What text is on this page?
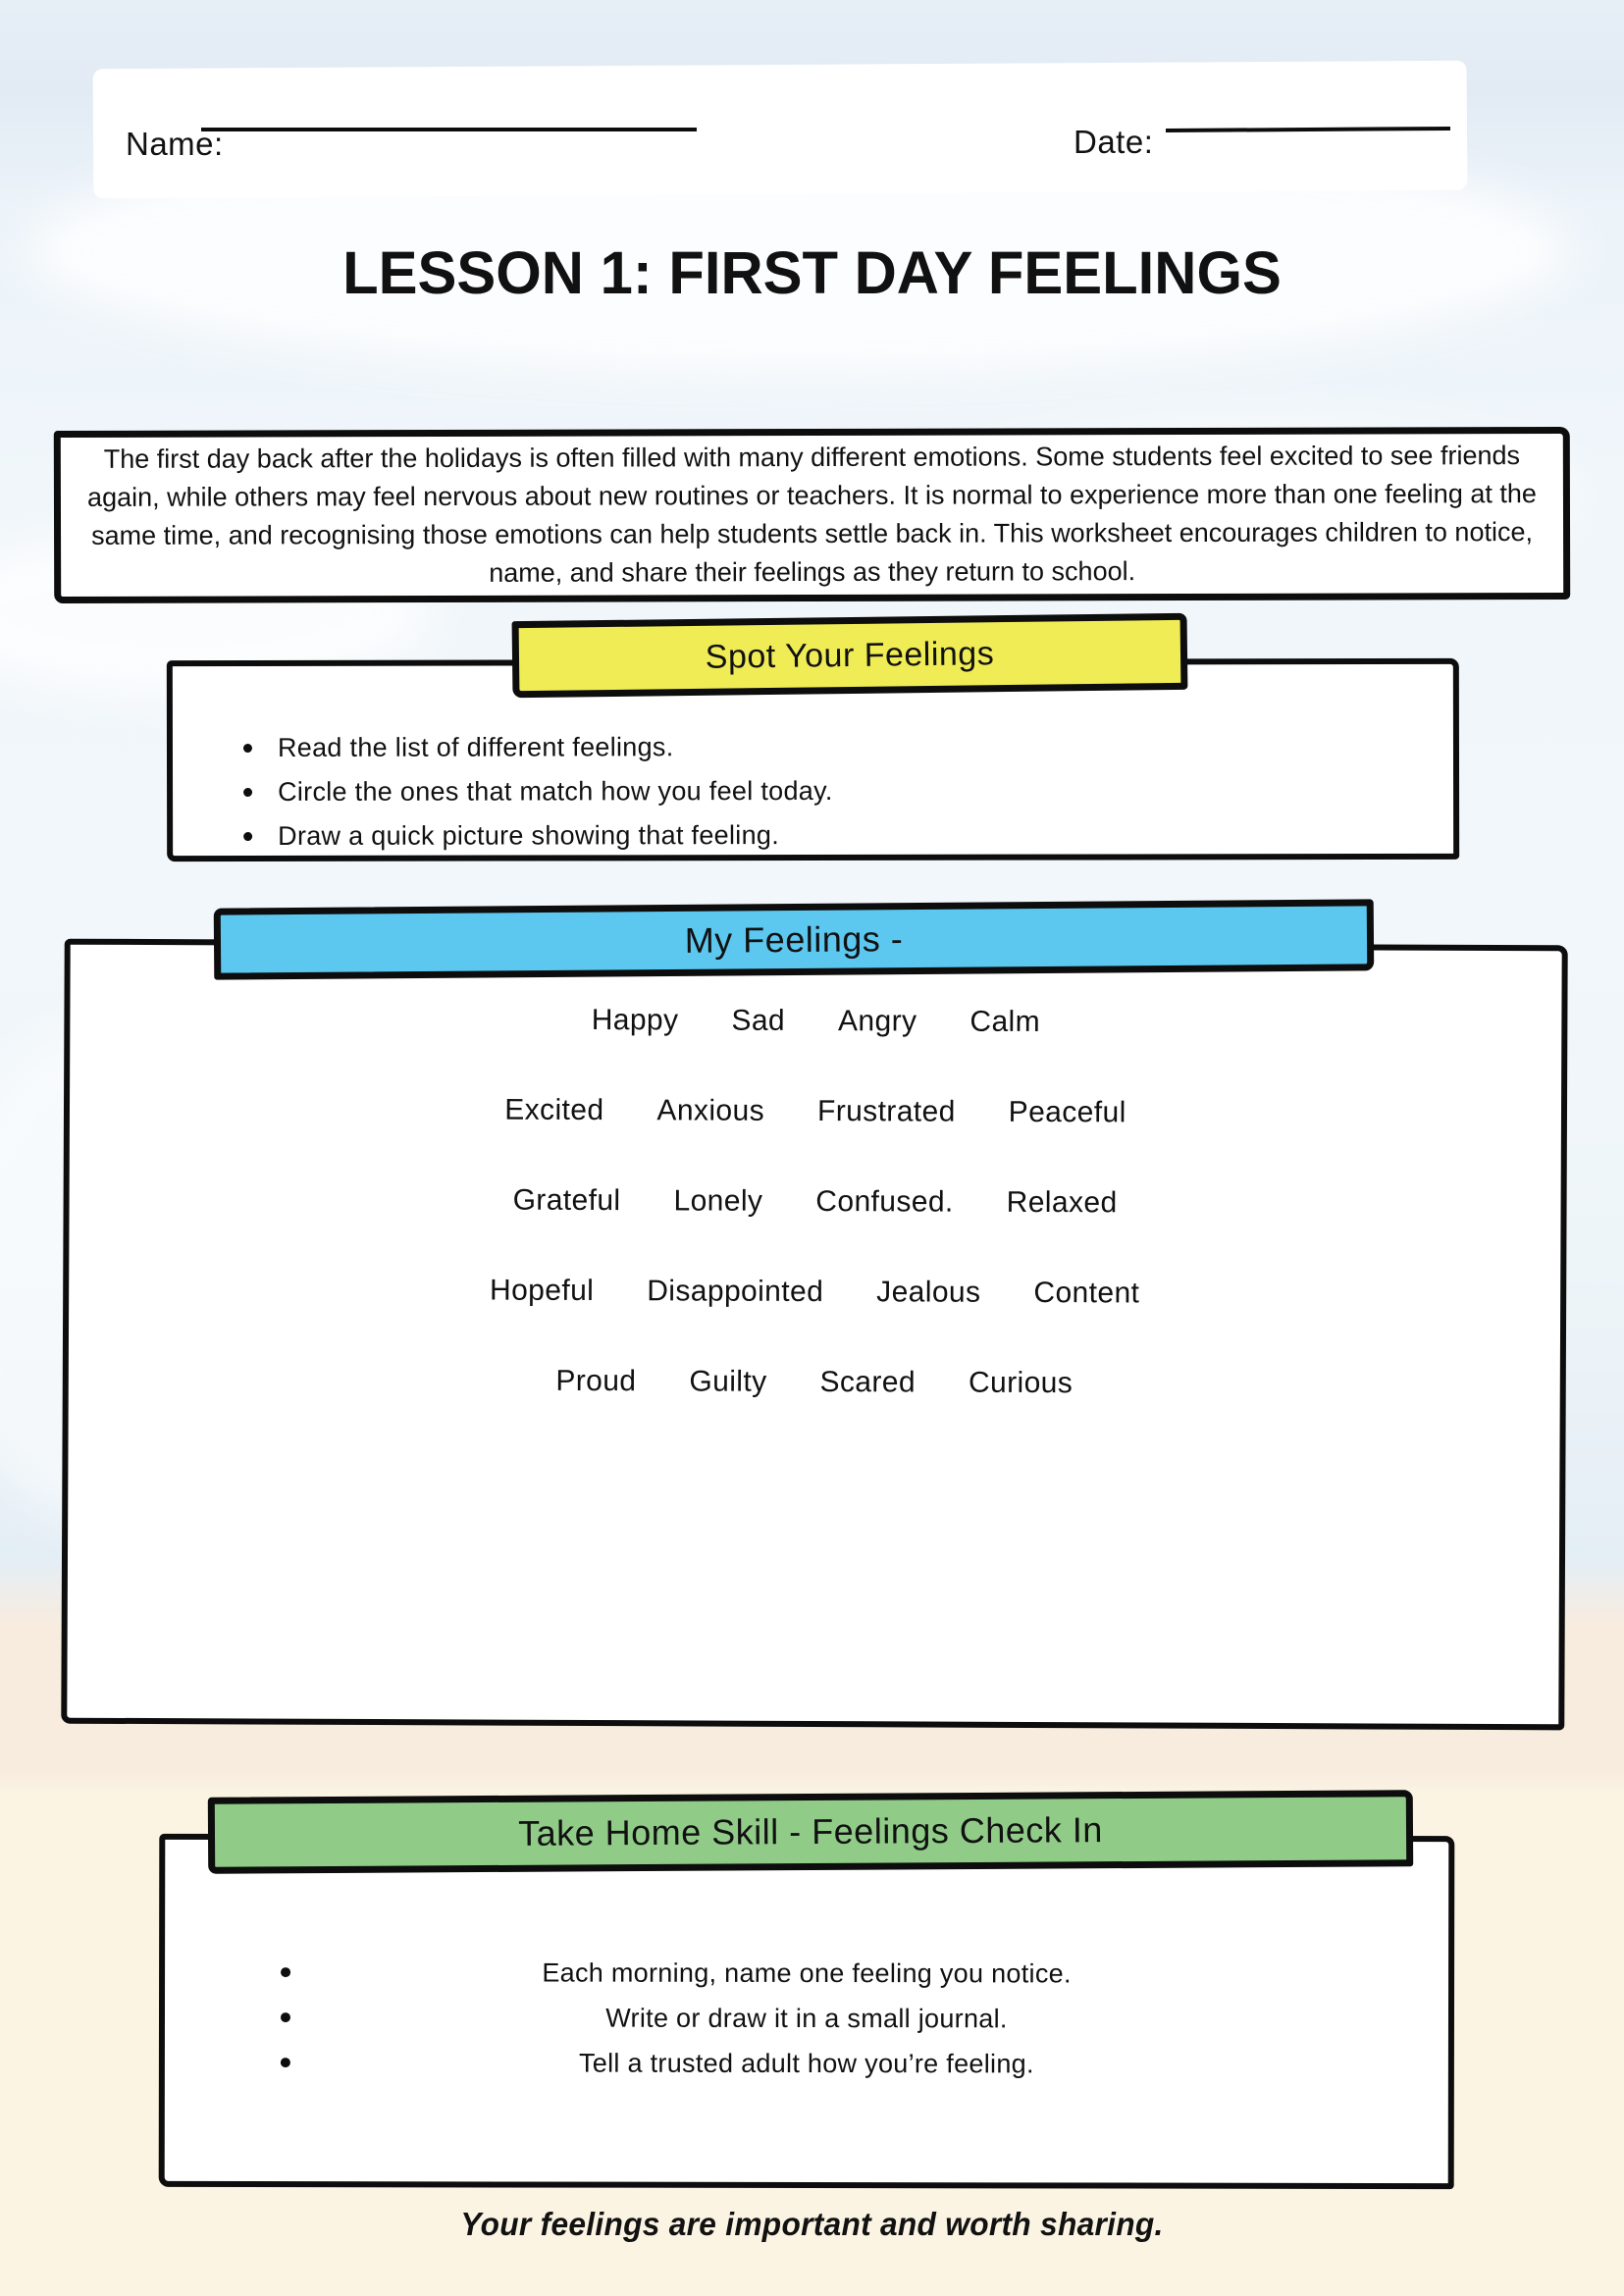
Name:	Date:
LESSON 1: FIRST DAY FEELINGS
The first day back after the holidays is often filled with many different emotions. Some students feel excited to see friends again, while others may feel nervous about new routines or teachers. It is normal to experience more than one feeling at the same time, and recognising those emotions can help students settle back in. This worksheet encourages children to notice, name, and share their feelings as they return to school.
Spot Your Feelings
Read the list of different feelings.
Circle the ones that match how you feel today.
Draw a quick picture showing that feeling.
My Feelings -
Happy Sad Angry Calm
Excited Anxious Frustrated Peaceful
Grateful Lonely Confused. Relaxed
Hopeful Disappointed Jealous Content
Proud Guilty Scared Curious
Take Home Skill - Feelings Check In
Each morning, name one feeling you notice.
Write or draw it in a small journal.
Tell a trusted adult how you’re feeling.
Your feelings are important and worth sharing.
